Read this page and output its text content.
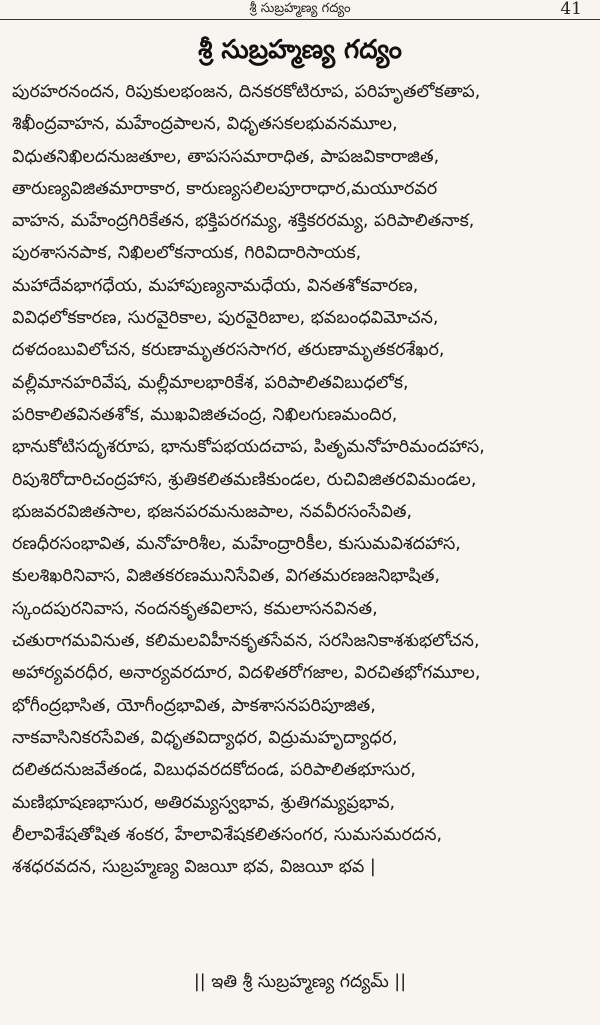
శ్రీ సుబ్రహ్మణ్య గద్యం	41
శ్రీ సుబ్రహ్మణ్య గద్యం
పురహరనందన, రిపుకులభంజన, దినకరకోటిరూప, పరిహృతలోకతాప,
శిఖీంద్రవాహన, మహేంద్రపాలన, విధృతసకలభువనమూల,
విధుతనిఖిలదనుజతూల, తాపససమారాధిత, పాపజవికారాజిత,
తారుణ్యవిజితమారాకార, కారుణ్యసలిలపూరాధార,మయూరవర
వాహన, మహేంద్రగిరికేతన, భక్తిపరగమ్య, శక్తికరరమ్య, పరిపాలితనాక,
పురశాసనపాక, నిఖిలలోకనాయక, గిరివిదారిసాయక,
మహాదేవభాగధేయ, మహాపుణ్యనామధేయ, వినతశోకవారణ,
వివిధలోకకారణ, సురవైరికాల, పురవైరిబాల, భవబంధవిమోచన,
దళదంబువిలోచన, కరుణామృతరససాగర, తరుణామృతకరశేఖర,
వల్లీమానహరివేష, మల్లీమాలభారికేశ, పరిపాలితవిబుధలోక,
పరికాలితవినతశోక, ముఖవిజితచంద్ర, నిఖిలగుణమందిర,
భానుకోటిసదృశరూప, భానుకోపభయదచాప, పితృమనోహరిమందహాస,
రిపుశిరోదారిచంద్రహాస, శ్రుతికలితమణికుండల, రుచివిజితరవిమండల,
భుజవరవిజితసాల, భజనపరమనుజపాల, నవవీరసంసేవిత,
రణధీరసంభావిత, మనోహరిశీల, మహేంద్రారికీల, కుసుమవిశదహాస,
కులశిఖరినివాస, విజితకరణమునిసేవిత, విగతమరణజనిభాషిత,
స్కందపురనివాస, నందనకృతవిలాస, కమలాసనవినత,
చతురాగమవినుత, కలిమలవిహీనకృతసేవన, సరసిజనికాశశుభలోచన,
అహార్యవరధీర, అనార్యవరదూర, విదళితరోగజాల, విరచితభోగమూల,
భోగీంద్రభాసిత, యోగీంద్రభావిత, పాకశాసనపరిపూజిత,
నాకవాసినికరసేవిత, విధృతవిద్యాధర, విద్రుమహృద్యాధర,
దలితదనుజవేతండ, విబుధవరదకోదండ, పరిపాలితభూసుర,
మణిభూషణభాసుర, అతిరమ్యస్వభావ, శ్రుతిగమ్యప్రభావ,
లీలావిశేషతోషిత శంకర, హేలావిశేషకలితసంగర, సుమసమరదన,
శశధరవదన, సుబ్రహ్మణ్య విజయీ భవ, విజయీ భవ |
|| ఇతి శ్రీ సుబ్రహ్మణ్య గద్యమ్ ||
